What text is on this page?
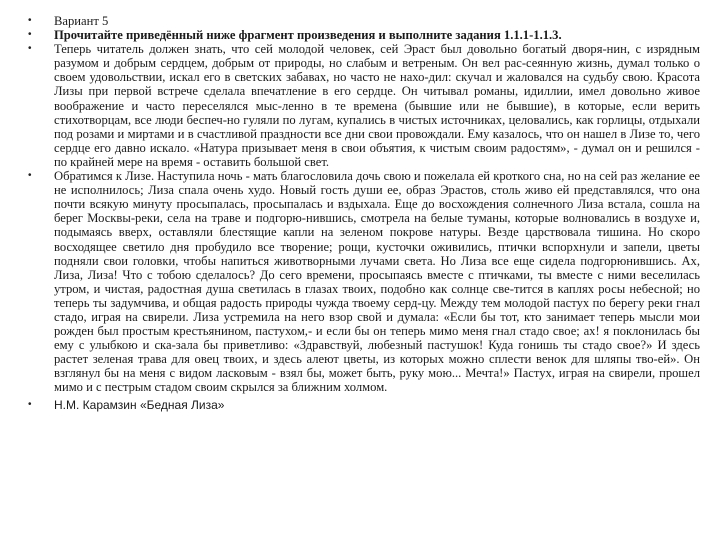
• Вариант 5
• Прочитайте приведённый ниже фрагмент произведения и выполните задания 1.1.1-1.1.3.
• Теперь читатель должен знать, что сей молодой человек, сей Эраст был довольно богатый дворя-нин, с изрядным разумом и добрым сердцем, добрым от природы, но слабым и ветреным. Он вел рас-сеянную жизнь, думал только о своем удовольствии, искал его в светских забавах, но часто не нахо-дил: скучал и жаловался на судьбу свою. Красота Лизы при первой встрече сделала впечатление в его сердце. Он читывал романы, идиллии, имел довольно живое воображение и часто переселялся мыс-ленно в те времена (бывшие или не бывшие), в которые, если верить стихотворцам, все люди беспеч-но гуляли по лугам, купались в чистых источниках, целовались, как горлицы, отдыхали под розами и миртами и в счастливой праздности все дни свои провождали. Ему казалось, что он нашел в Лизе то, чего сердце его давно искало. «Натура призывает меня в свои объятия, к чистым своим радостям», - думал он и решился - по крайней мере на время - оставить большой свет.
• Обратимся к Лизе. Наступила ночь - мать благословила дочь свою и пожелала ей кроткого сна, но на сей раз желание ее не исполнилось; Лиза спала очень худо. Новый гость души ее, образ Эрастов, столь живо ей представлялся, что она почти всякую минуту просыпалась, просыпалась и вздыхала. Еще до восхождения солнечного Лиза встала, сошла на берег Москвы-реки, села на траве и подгорю-нившись, смотрела на белые туманы, которые волновались в воздухе и, подымаясь вверх, оставляли блестящие капли на зеленом покрове натуры. Везде царствовала тишина. Но скоро восходящее светило дня пробудило все творение; рощи, кусточки оживились, птички вспорхнули и запели, цветы подняли свои головки, чтобы напиться животворными лучами света. Но Лиза все еще сидела подгорюнившись. Ах, Лиза, Лиза! Что с тобою сделалось? До сего времени, просыпаясь вместе с птичками, ты вместе с ними веселилась утром, и чистая, радостная душа светилась в глазах твоих, подобно как солнце све-тится в каплях росы небесной; но теперь ты задумчива, и общая радость природы чужда твоему серд-цу. Между тем молодой пастух по берегу реки гнал стадо, играя на свирели. Лиза устремила на него взор свой и думала: «Если бы тот, кто занимает теперь мысли мои рожден был простым крестьянином, пастухом,- и если бы он теперь мимо меня гнал стадо свое; ах! я поклонилась бы ему с улыбкою и ска-зала бы приветливо: «Здравствуй, любезный пастушок! Куда гонишь ты стадо свое?» И здесь растет зеленая трава для овец твоих, и здесь алеют цветы, из которых можно сплести венок для шляпы тво-ей». Он взглянул бы на меня с видом ласковым - взял бы, может быть, руку мою... Мечта!» Пастух, играя на свирели, прошел мимо и с пестрым стадом своим скрылся за ближним холмом.
• Н.М. Карамзин «Бедная Лиза»
